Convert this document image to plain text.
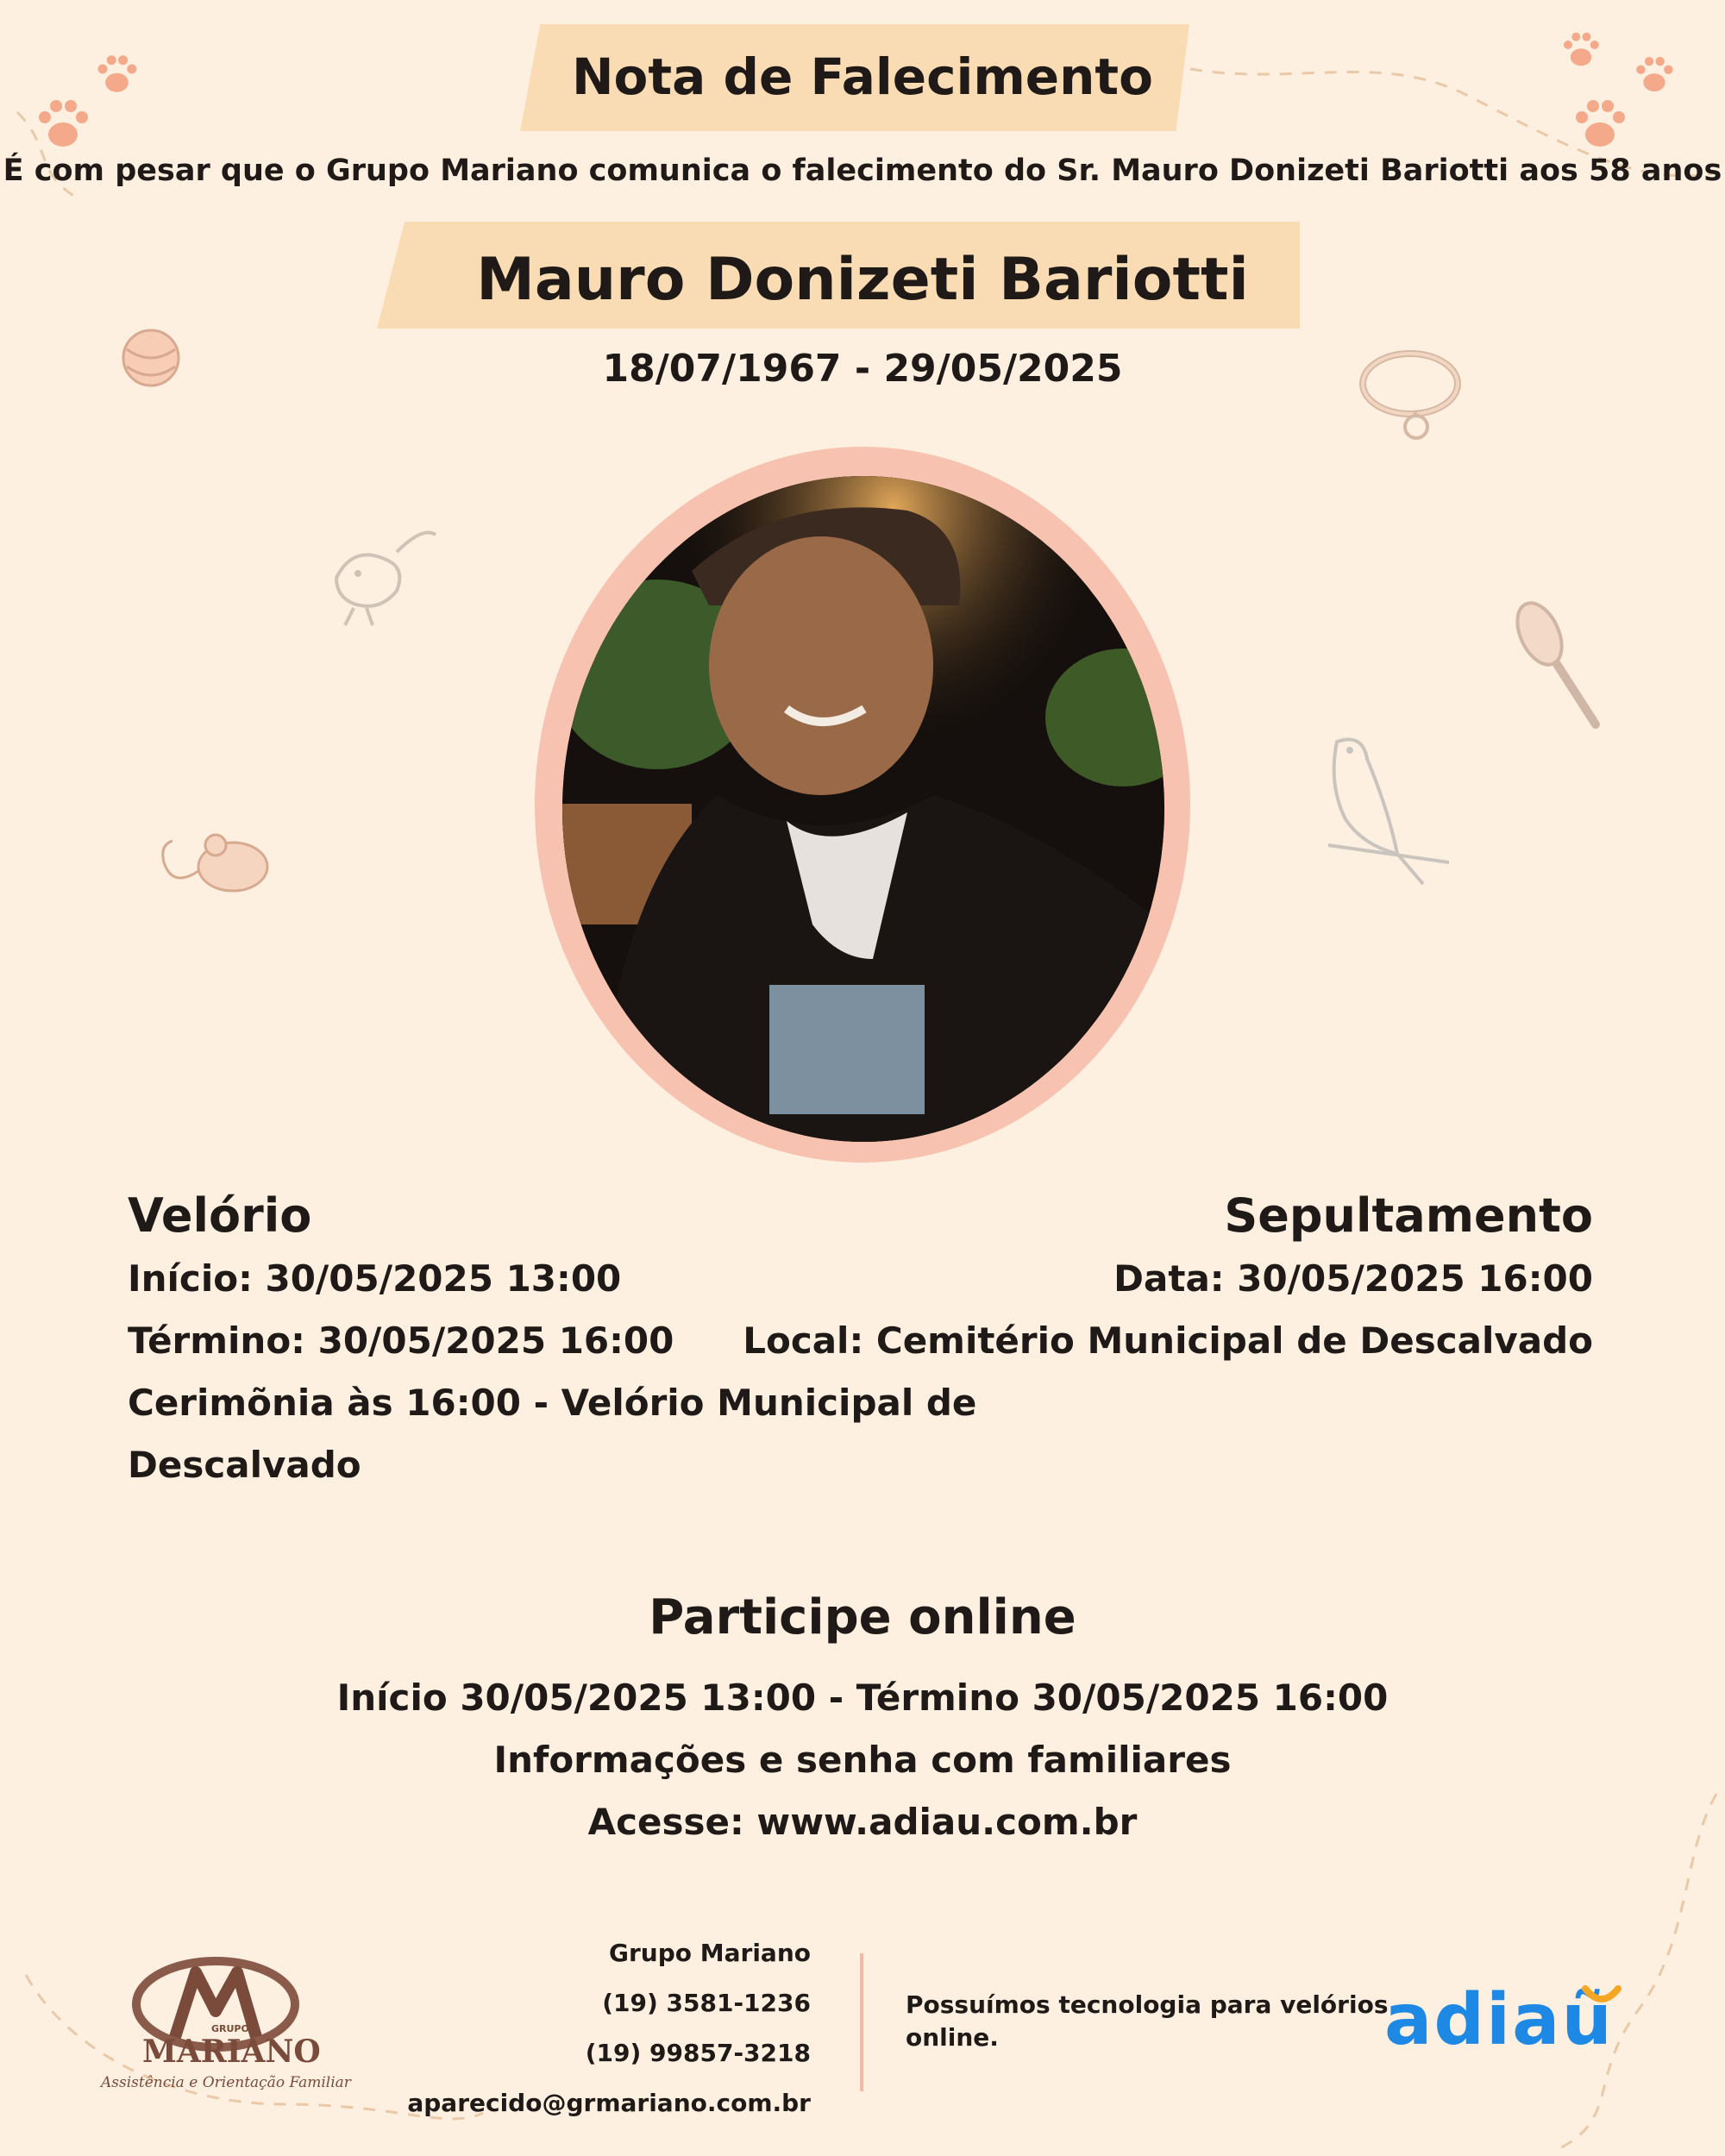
Nota de Falecimento
É com pesar que o Grupo Mariano comunica o falecimento do Sr. Mauro Donizeti Bariotti aos 58 anos
Mauro Donizeti Bariotti
18/07/1967 - 29/05/2025
Velório
Início: 30/05/2025 13:00
Término: 30/05/2025 16:00
Cerimõnia às 16:00 - Velório Municipal de
Descalvado
Sepultamento
Data: 30/05/2025 16:00
Local: Cemitério Municipal de Descalvado
Participe online
Início 30/05/2025 13:00 - Término 30/05/2025 16:00
Informações e senha com familiares
Acesse: www.adiau.com.br
GRUPO
MARIANO
Assistência e Orientação Familiar
Grupo Mariano
(19) 3581-1236
(19) 99857-3218
aparecido@grmariano.com.br
Possuímos tecnologia para velórios
online.	adiaũ
